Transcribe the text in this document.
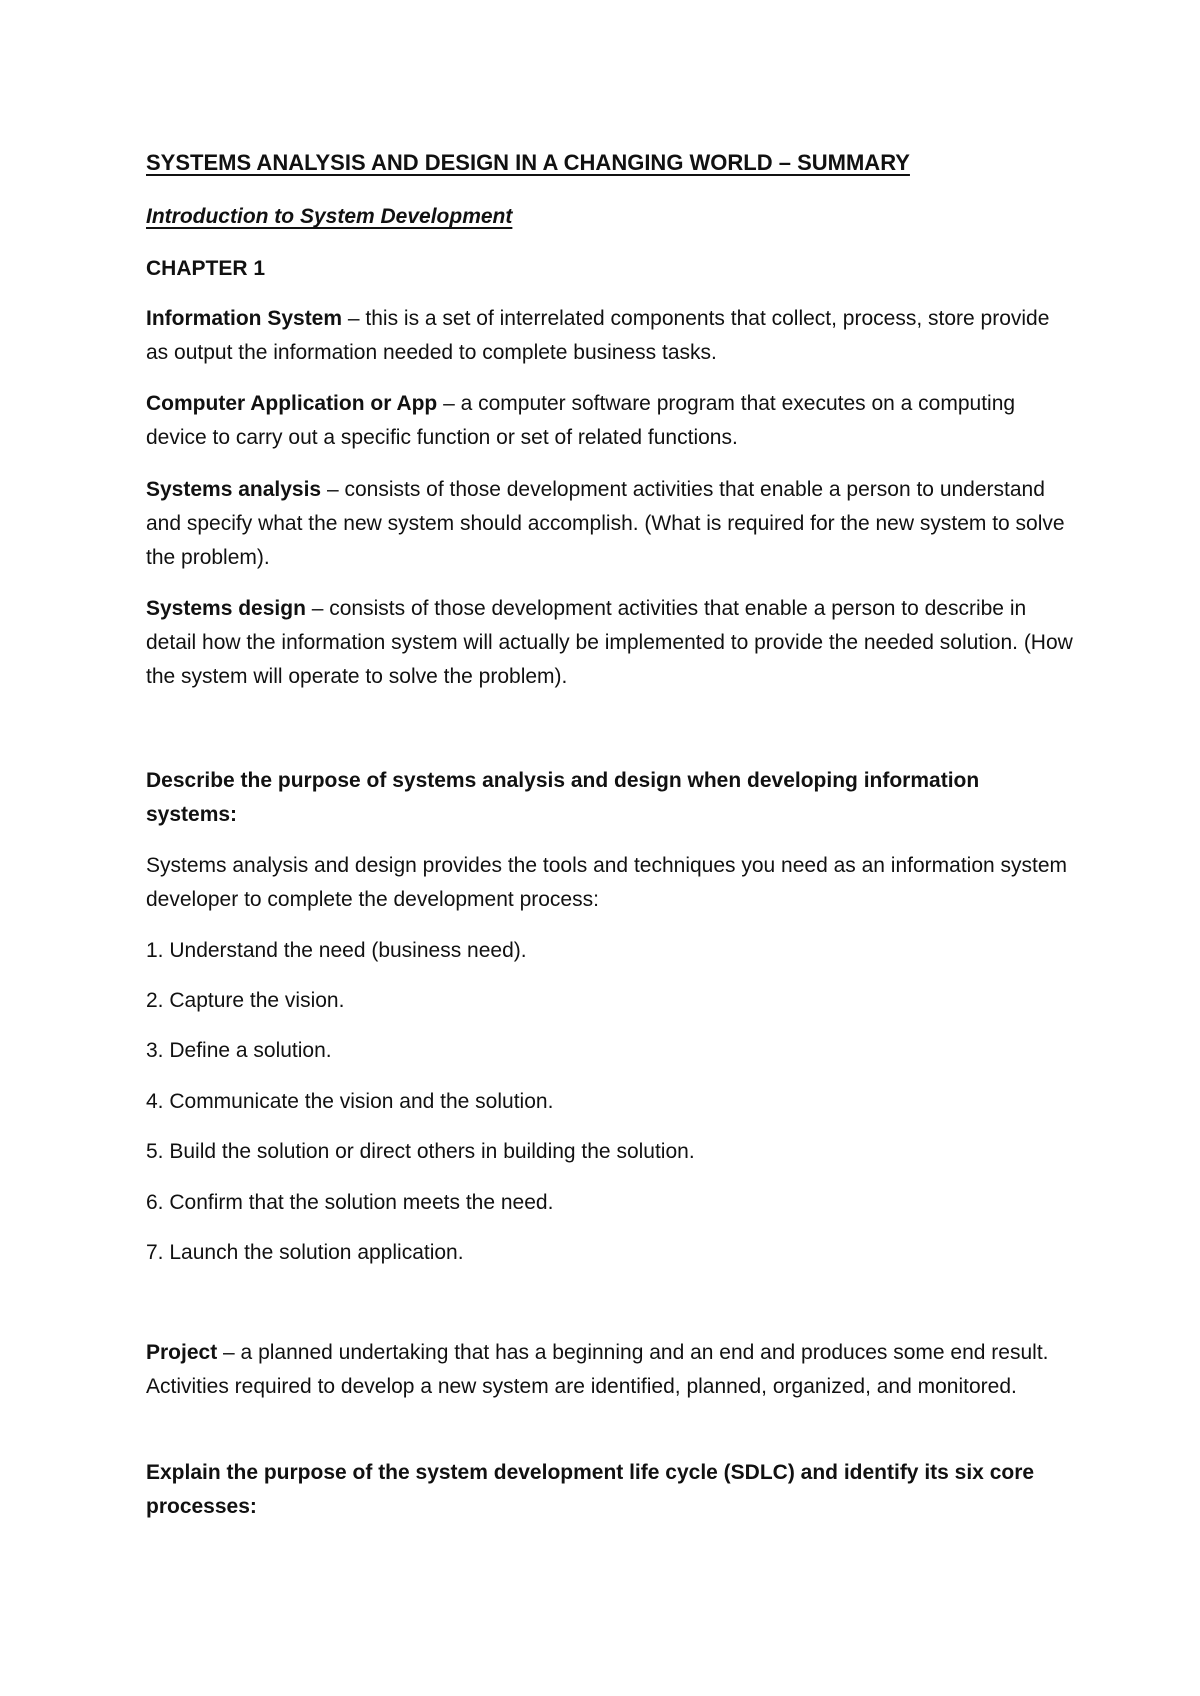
SYSTEMS ANALYSIS AND DESIGN IN A CHANGING WORLD – SUMMARY

Introduction to System Development

CHAPTER 1

Information System – this is a set of interrelated components that collect, process, store provide as output the information needed to complete business tasks.

Computer Application or App – a computer software program that executes on a computing device to carry out a specific function or set of related functions.

Systems analysis – consists of those development activities that enable a person to understand and specify what the new system should accomplish. (What is required for the new system to solve the problem).

Systems design – consists of those development activities that enable a person to describe in detail how the information system will actually be implemented to provide the needed solution. (How the system will operate to solve the problem).

Describe the purpose of systems analysis and design when developing information systems:

Systems analysis and design provides the tools and techniques you need as an information system developer to complete the development process:

1. Understand the need (business need).

2. Capture the vision.

3. Define a solution.

4. Communicate the vision and the solution.

5. Build the solution or direct others in building the solution.

6. Confirm that the solution meets the need.

7. Launch the solution application.

Project – a planned undertaking that has a beginning and an end and produces some end result. Activities required to develop a new system are identified, planned, organized, and monitored.

Explain the purpose of the system development life cycle (SDLC) and identify its six core processes:
